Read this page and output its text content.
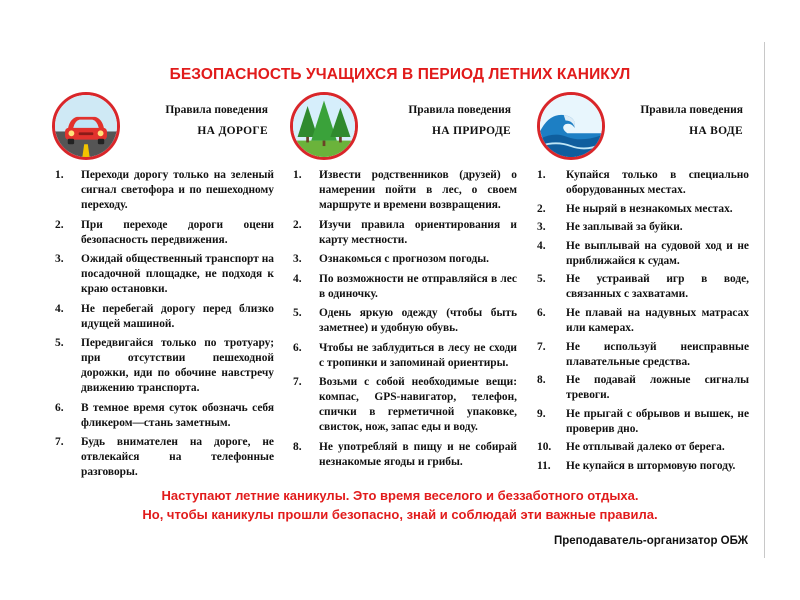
БЕЗОПАСНОСТЬ УЧАЩИХСЯ В ПЕРИОД ЛЕТНИХ КАНИКУЛ
Правила поведения
НА ДОРОГЕ
1. Переходи дорогу только на зеленый сигнал светофора и по пешеходному переходу.
2. При переходе дороги оцени безопасность передвижения.
3. Ожидай общественный транспорт на посадочной площадке, не подходя к краю остановки.
4. Не перебегай дорогу перед близко идущей машиной.
5. Передвигайся только по тротуару; при отсутствии пешеходной дорожки, иди по обочине навстречу движению транспорта.
6. В темное время суток обозначь себя фликером—стань заметным.
7. Будь внимателен на дороге, не отвлекайся на телефонные разговоры.
Правила поведения
НА ПРИРОДЕ
1. Извести родственников (друзей) о намерении пойти в лес, о своем маршруте и времени возвращения.
2. Изучи правила ориентирования и карту местности.
3. Ознакомься с прогнозом погоды.
4. По возможности не отправляйся в лес в одиночку.
5. Одень яркую одежду (чтобы быть заметнее) и удобную обувь.
6. Чтобы не заблудиться в лесу не сходи с тропинки и запоминай ориентиры.
7. Возьми с собой необходимые вещи: компас, GPS-навигатор, телефон, спички в герметичной упаковке, свисток, нож, запас еды и воду.
8. Не употребляй в пищу и не собирай незнакомые ягоды и грибы.
Правила поведения
НА ВОДЕ
1. Купайся только в специально оборудованных местах.
2. Не ныряй в незнакомых местах.
3. Не заплывай за буйки.
4. Не выплывай на судовой ход и не приближайся к судам.
5. Не устраивай игр в воде, связанных с захватами.
6. Не плавай на надувных матрасах или камерах.
7. Не используй неисправные плавательные средства.
8. Не подавай ложные сигналы тревоги.
9. Не прыгай с обрывов и вышек, не проверив дно.
10. Не отплывай далеко от берега.
11. Не купайся в штормовую погоду.
Наступают летние каникулы. Это время веселого и беззаботного отдыха.
Но, чтобы каникулы прошли безопасно, знай и соблюдай эти важные правила.
Преподаватель-организатор ОБЖ
